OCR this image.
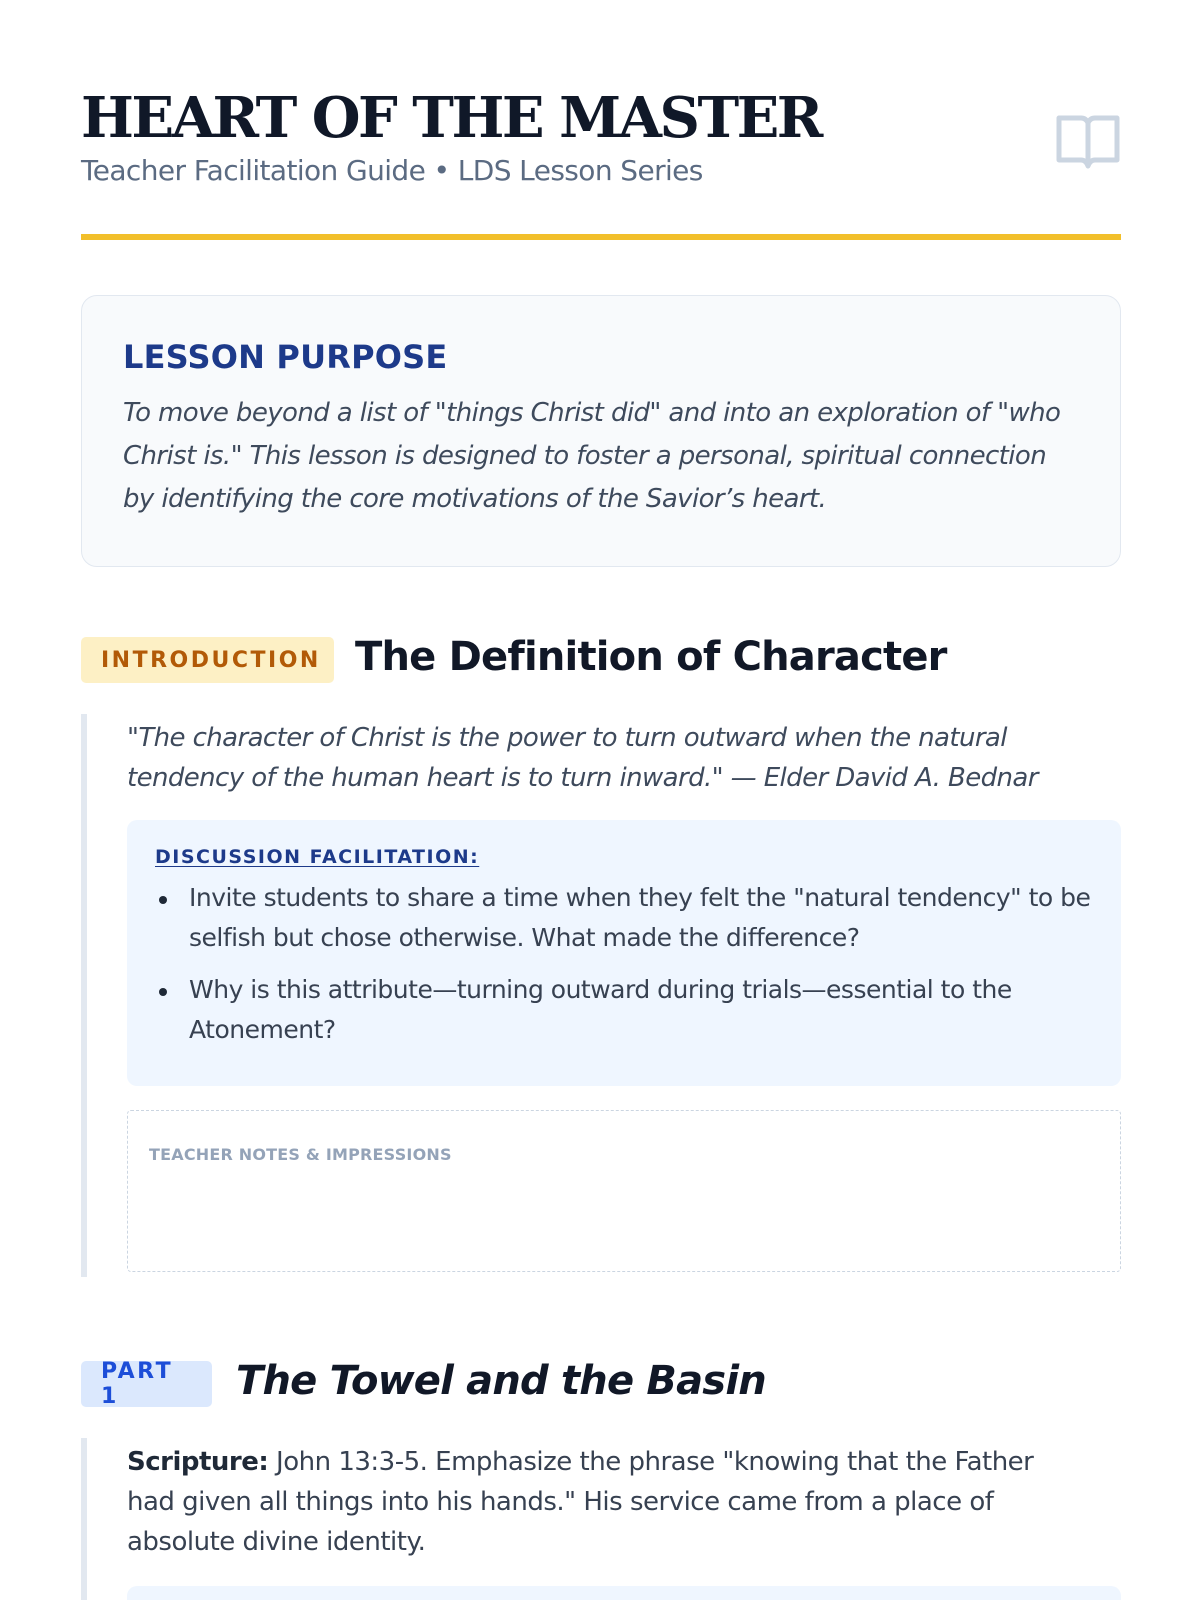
HEART OF THE MASTER
Teacher Facilitation Guide • LDS Lesson Series
LESSON PURPOSE
To move beyond a list of "things Christ did" and into an exploration of "who Christ is." This lesson is designed to foster a personal, spiritual connection by identifying the core motivations of the Savior’s heart.
INTRODUCTION The Definition of Character
"The character of Christ is the power to turn outward when the natural tendency of the human heart is to turn inward." — Elder David A. Bednar
DISCUSSION FACILITATION:
Invite students to share a time when they felt the "natural tendency" to be selfish but chose otherwise. What made the difference?
Why is this attribute—turning outward during trials—essential to the Atonement?
TEACHER NOTES & IMPRESSIONS
PART 1	The Towel and the Basin
Scripture: John 13:3-5. Emphasize the phrase "knowing that the Father had given all things into his hands." His service came from a place of absolute divine identity.
